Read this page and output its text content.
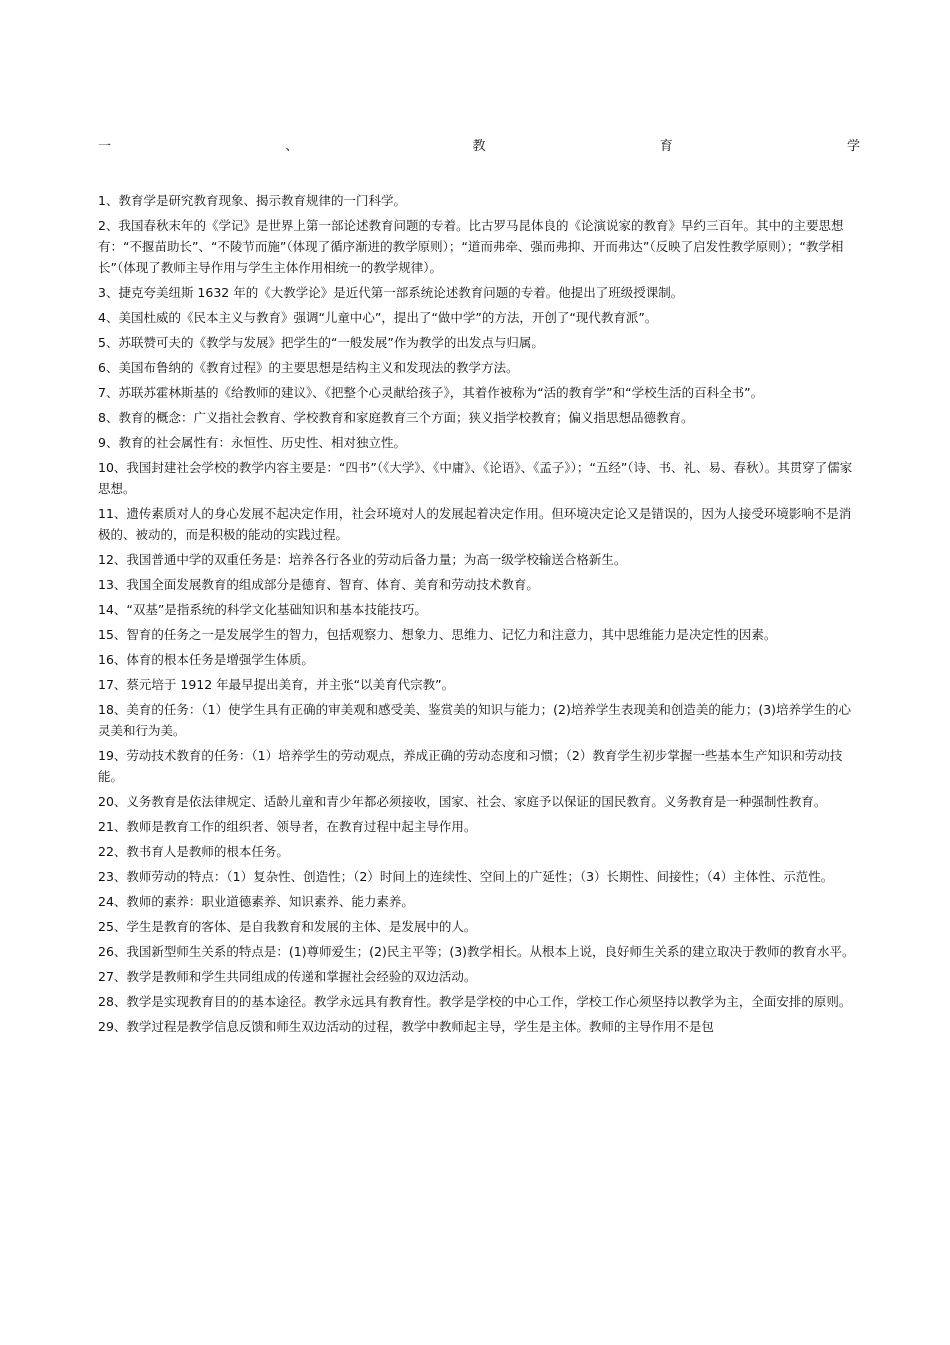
一	、	教	育	学

1、教育学是研究教育现象、揭示教育规律的一门科学。

2、我国春秋末年的《学记》是世界上第一部论述教育问题的专着。比古罗马昆体良的《论演说家的教育》早约三百年。其中的主要思想有：“不揠苗助长”、“不陵节而施”（体现了循序渐进的教学原则）；“道而弗牵、强而弗抑、开而弗达”（反映了启发性教学原则）；“教学相长”（体现了教师主导作用与学生主体作用相统一的教学规律）。

3、捷克夸美纽斯 1632 年的《大教学论》是近代第一部系统论述教育问题的专着。他提出了班级授课制。

4、美国杜威的《民本主义与教育》强调“儿童中心”，提出了“做中学”的方法，开创了“现代教育派”。

5、苏联赞可夫的《教学与发展》把学生的“一般发展”作为教学的出发点与归属。

6、美国布鲁纳的《教育过程》的主要思想是结构主义和发现法的教学方法。

7、苏联苏霍林斯基的《给教师的建议》、《把整个心灵献给孩子》，其着作被称为“活的教育学”和“学校生活的百科全书”。

8、教育的概念：广义指社会教育、学校教育和家庭教育三个方面；狭义指学校教育；偏义指思想品德教育。

9、教育的社会属性有：永恒性、历史性、相对独立性。

10、我国封建社会学校的教学内容主要是：“四书”（《大学》、《中庸》、《论语》、《孟子》）；“五经”（诗、书、礼、易、春秋）。其贯穿了儒家思想。

11、遗传素质对人的身心发展不起决定作用，社会环境对人的发展起着决定作用。但环境决定论又是错误的，因为人接受环境影响不是消极的、被动的，而是积极的能动的实践过程。

12、我国普通中学的双重任务是：培养各行各业的劳动后备力量；为高一级学校输送合格新生。

13、我国全面发展教育的组成部分是德育、智育、体育、美育和劳动技术教育。

14、“双基”是指系统的科学文化基础知识和基本技能技巧。

15、智育的任务之一是发展学生的智力，包括观察力、想象力、思维力、记忆力和注意力，其中思维能力是决定性的因素。

16、体育的根本任务是增强学生体质。

17、蔡元培于 1912 年最早提出美育，并主张“以美育代宗教”。

18、美育的任务：（1）使学生具有正确的审美观和感受美、鉴赏美的知识与能力；(2)培养学生表现美和创造美的能力；(3)培养学生的心灵美和行为美。

19、劳动技术教育的任务：（1）培养学生的劳动观点，养成正确的劳动态度和习惯；（2）教育学生初步掌握一些基本生产知识和劳动技能。

20、义务教育是依法律规定、适龄儿童和青少年都必须接收，国家、社会、家庭予以保证的国民教育。义务教育是一种强制性教育。

21、教师是教育工作的组织者、领导者，在教育过程中起主导作用。

22、教书育人是教师的根本任务。

23、教师劳动的特点：（1）复杂性、创造性；（2）时间上的连续性、空间上的广延性；（3）长期性、间接性；（4）主体性、示范性。

24、教师的素养：职业道德素养、知识素养、能力素养。

25、学生是教育的客体、是自我教育和发展的主体、是发展中的人。

26、我国新型师生关系的特点是：(1)尊师爱生；(2)民主平等；(3)教学相长。从根本上说，良好师生关系的建立取决于教师的教育水平。

27、教学是教师和学生共同组成的传递和掌握社会经验的双边活动。

28、教学是实现教育目的的基本途径。教学永远具有教育性。教学是学校的中心工作，学校工作心须坚持以教学为主，全面安排的原则。

29、教学过程是教学信息反馈和师生双边活动的过程，教学中教师起主导，学生是主体。教师的主导作用不是包
